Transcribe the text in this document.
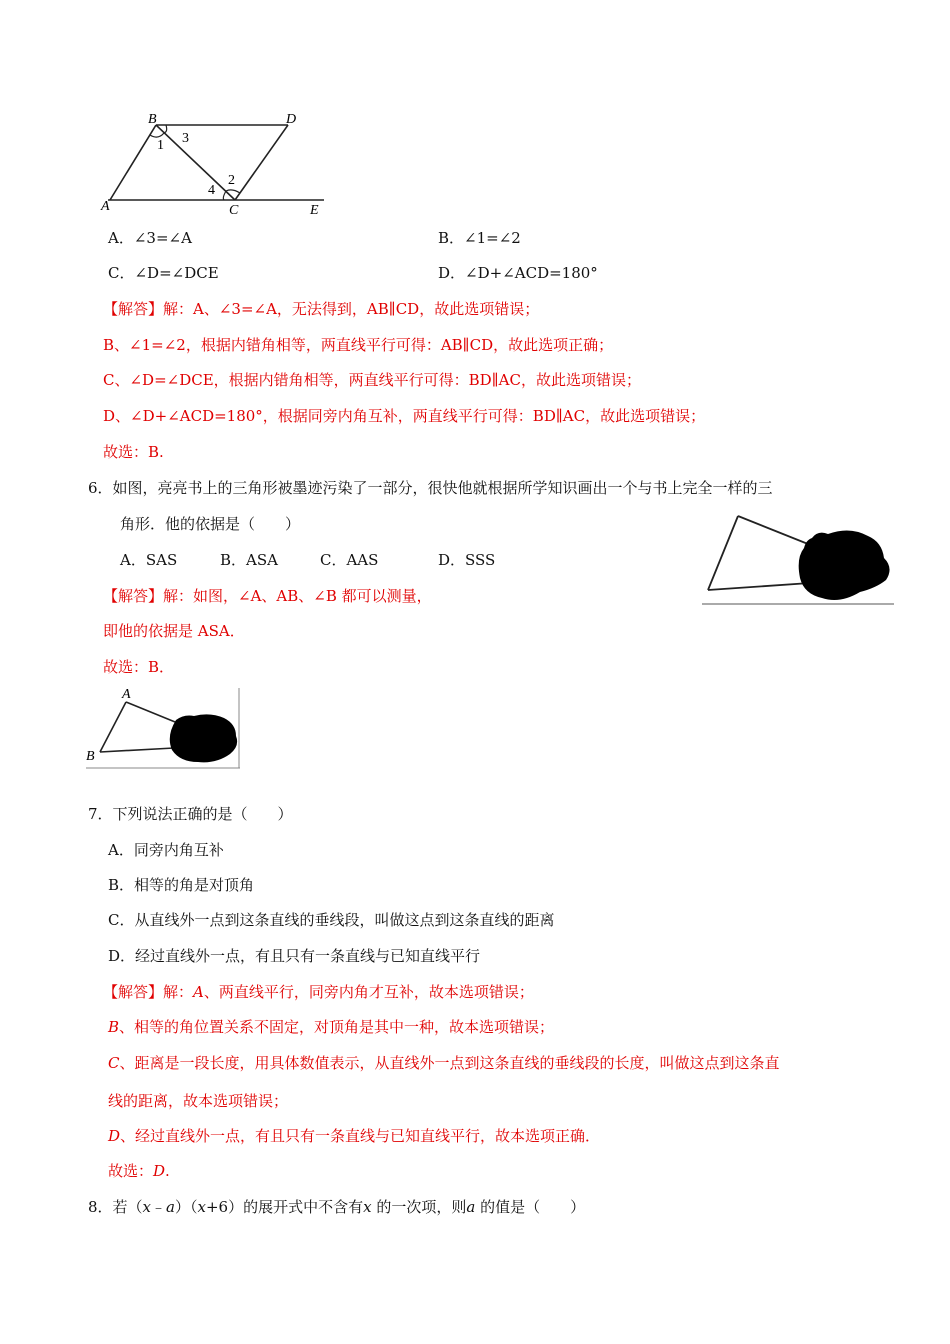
B	D
A	C	E
1 3
4
2
A．∠3=∠A	B．∠1=∠2
C．∠D=∠DCE	D．∠D+∠ACD=180°
【解答】解：A、∠3=∠A，无法得到，AB∥CD，故此选项错误；
B、∠1=∠2，根据内错角相等，两直线平行可得：AB∥CD，故此选项正确；
C、∠D=∠DCE，根据内错角相等，两直线平行可得：BD∥AC，故此选项错误；
D、∠D+∠ACD=180°，根据同旁内角互补，两直线平行可得：BD∥AC，故此选项错误；
故选：B.
6．如图，亮亮书上的三角形被墨迹污染了一部分，很快他就根据所学知识画出一个与书上完全一样的三
角形．他的依据是（　　）
A．SAS	B．ASA	C．AAS	D．SSS
【解答】解：如图，∠A、AB、∠B 都可以测量，
即他的依据是 ASA．
故选：B．
A
B
7．下列说法正确的是（　　）
A．同旁内角互补
B．相等的角是对顶角
C．从直线外一点到这条直线的垂线段，叫做这点到这条直线的距离
D．经过直线外一点，有且只有一条直线与已知直线平行
【解答】解：A、两直线平行，同旁内角才互补，故本选项错误；
B、相等的角位置关系不固定，对顶角是其中一种，故本选项错误；
C、距离是一段长度，用具体数值表示，从直线外一点到这条直线的垂线段的长度，叫做这点到这条直
线的距离，故本选项错误；
D、经过直线外一点，有且只有一条直线与已知直线平行，故本选项正确．
故选：D.
8．若（x﹣a）（x+6）的展开式中不含有x 的一次项，则a 的值是（　　）
